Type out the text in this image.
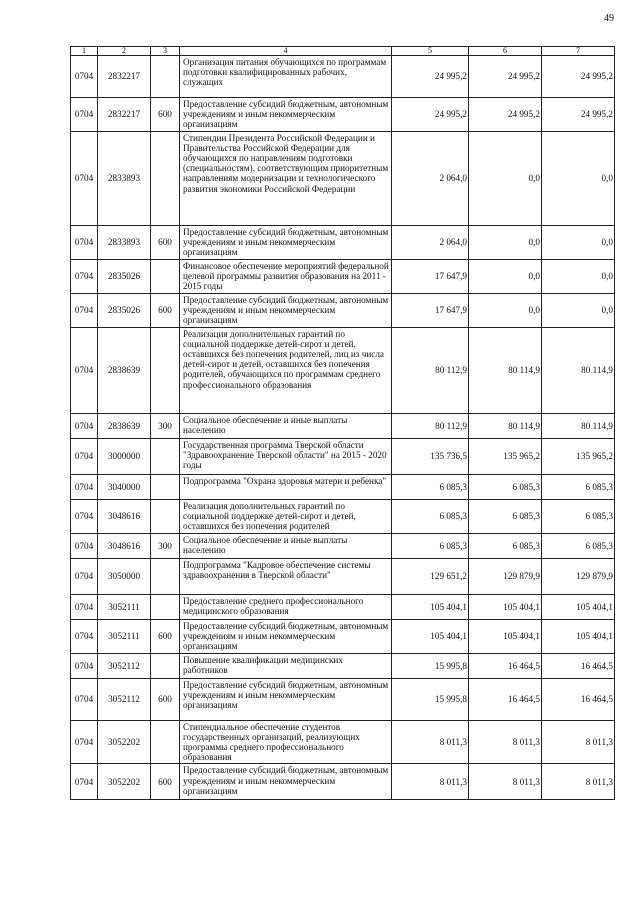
49
1	2	3	4	5	6	7
0704	2832217		Организация питания обучающихся по программам подготовки квалифицированных рабочих, служащих	24 995,2	24 995,2	24 995,2
0704	2832217	600	Предоставление субсидий бюджетным, автономным учреждениям и иным некоммерческим организациям	24 995,2	24 995,2	24 995,2
0704	2833893		Стипендии Президента Российской Федерации и Правительства Российской Федерации для обучающихся по направлениям подготовки (специальностям), соответствующим приоритетным направлениям модернизации и технологического развития экономики Российской Федерации	2 064,0	0,0	0,0
0704	2833893	600	Предоставление субсидий бюджетным, автономным учреждениям и иным некоммерческим организациям	2 064,0	0,0	0,0
0704	2835026		Финансовое обеспечение мероприятий федеральной целевой программы развития образования на 2011 - 2015 годы	17 647,9	0,0	0,0
0704	2835026	600	Предоставление субсидий бюджетным, автономным учреждениям и иным некоммерческим организациям	17 647,9	0,0	0,0
0704	2838639		Реализация дополнительных гарантий по социальной поддержке детей-сирот и детей, оставшихся без попечения родителей, лиц из числа детей-сирот и детей, оставшихся без попечения родителей, обучающихся по программам среднего профессионального образования	80 112,9	80 114,9	80 114,9
0704	2838639	300	Социальное обеспечение и иные выплаты населению	80 112,9	80 114,9	80 114,9
0704	3000000		Государственная программа Тверской области "Здравоохранение Тверской области" на 2015 - 2020 годы	135 736,5	135 965,2	135 965,2
0704	3040000		Подпрограмма "Охрана здоровья матери и ребенка"	6 085,3	6 085,3	6 085,3
0704	3048616		Реализация дополнительных гарантий по социальной поддержке детей-сирот и детей, оставшихся без попечения родителей	6 085,3	6 085,3	6 085,3
0704	3048616	300	Социальное обеспечение и иные выплаты населению	6 085,3	6 085,3	6 085,3
0704	3050000		Подпрограмма "Кадровое обеспечение системы здравоохранения в Тверской области"	129 651,2	129 879,9	129 879,9
0704	3052111		Предоставление среднего профессионального медицинского образования	105 404,1	105 404,1	105 404,1
0704	3052111	600	Предоставление субсидий бюджетным, автономным учреждениям и иным некоммерческим организациям	105 404,1	105 404,1	105 404,1
0704	3052112		Повышение квалификации медицинских работников	15 995,8	16 464,5	16 464,5
0704	3052112	600	Предоставление субсидий бюджетным, автономным учреждениям и иным некоммерческим организациям	15 995,8	16 464,5	16 464,5
0704	3052202		Стипендиальное обеспечение студентов государственных организаций, реализующих программы среднего профессионального образования	8 011,3	8 011,3	8 011,3
0704	3052202	600	Предоставление субсидий бюджетным, автономным учреждениям и иным некоммерческим организациям	8 011,3	8 011,3	8 011,3
